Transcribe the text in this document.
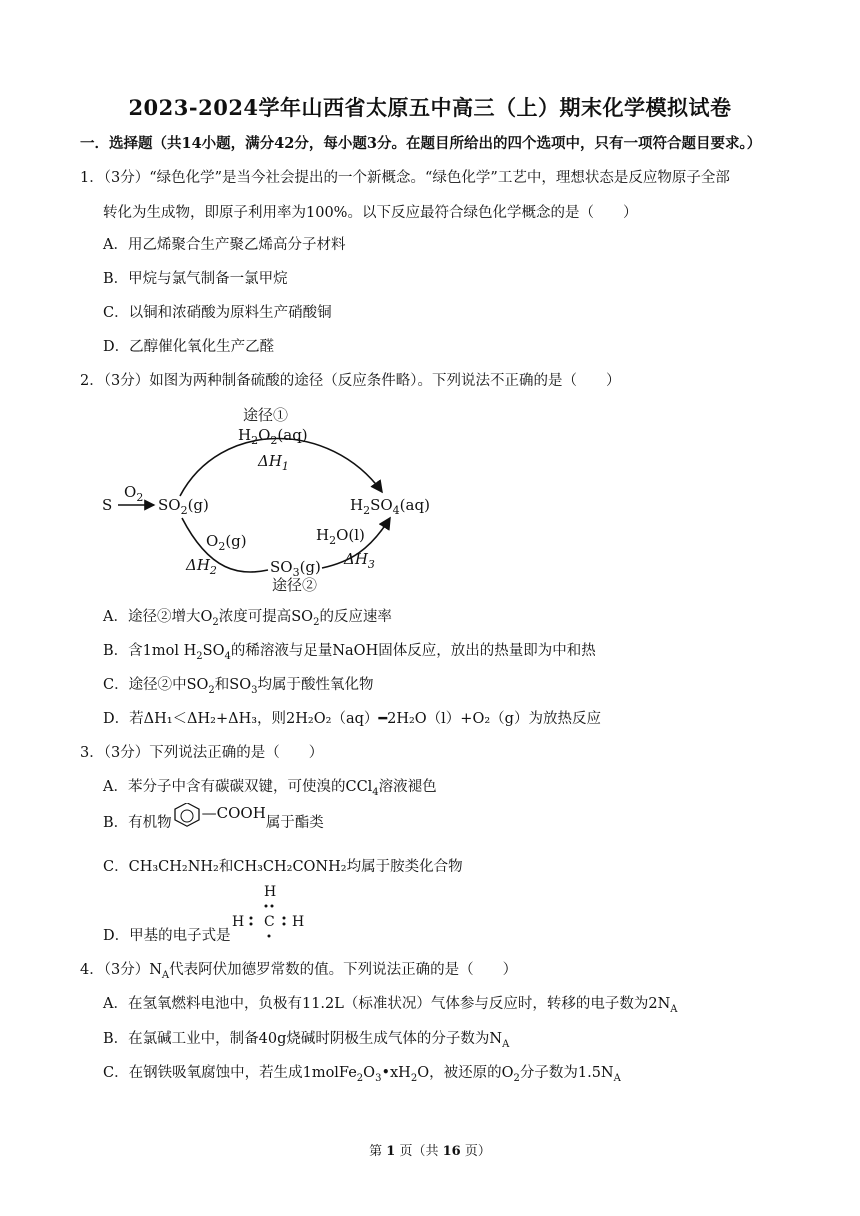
2023-2024学年山西省太原五中高三（上）期末化学模拟试卷
一．选择题（共14小题，满分42分，每小题3分。在题目所给出的四个选项中，只有一项符合题目要求。）
1．（3分）“绿色化学”是当今社会提出的一个新概念。“绿色化学”工艺中，理想状态是反应物原子全部
转化为生成物，即原子利用率为100%。以下反应最符合绿色化学概念的是（　　）
A．用乙烯聚合生产聚乙烯高分子材料
B．甲烷与氯气制备一氯甲烷
C．以铜和浓硝酸为原料生产硝酸铜
D．乙醇催化氧化生产乙醛
2．（3分）如图为两种制备硫酸的途径（反应条件略）。下列说法不正确的是（　　）
途径①
$H_2O_2(aq)$
$\Delta H_1$
S
$O_2$ $SO_2(g)$	$H_2SO_4(aq)$
$O_2(g)$
$\Delta H_2$
$H_2O(l)$
$\Delta H_3$
$SO_3(g)$
途径②
A．途径②增大$O_2$浓度可提高$SO_2$的反应速率
B．含1mol $H_2SO_4$的稀溶液与足量NaOH固体反应，放出的热量即为中和热
C．途径②中$SO_2$和$SO_3$均属于酸性氧化物
D．若ΔH₁＜ΔH₂+ΔH₃，则2H₂O₂（aq）━2H₂O（l）+O₂（g）为放热反应
3．（3分）下列说法正确的是（　　）
A．苯分子中含有碳碳双键，可使溴的CCl$_4$溶液褪色
B．有机物—COOH属于酯类
C．CH₃CH₂NH₂和CH₃CH₂CONH₂均属于胺类化合物
D．甲基的电子式是
H
H C H
4．（3分）$N_A$代表阿伏加德罗常数的值。下列说法正确的是（　　）
A．在氢氧燃料电池中，负极有11.2L（标准状况）气体参与反应时，转移的电子数为$2N_A$
B．在氯碱工业中，制备40g烧碱时阴极生成气体的分子数为$N_A$
C．在钢铁吸氧腐蚀中，若生成$1molFe_2O_3•xH_2O$，被还原的$O_2$分子数为$1.5N_A$
第 1 页（共 16 页）
